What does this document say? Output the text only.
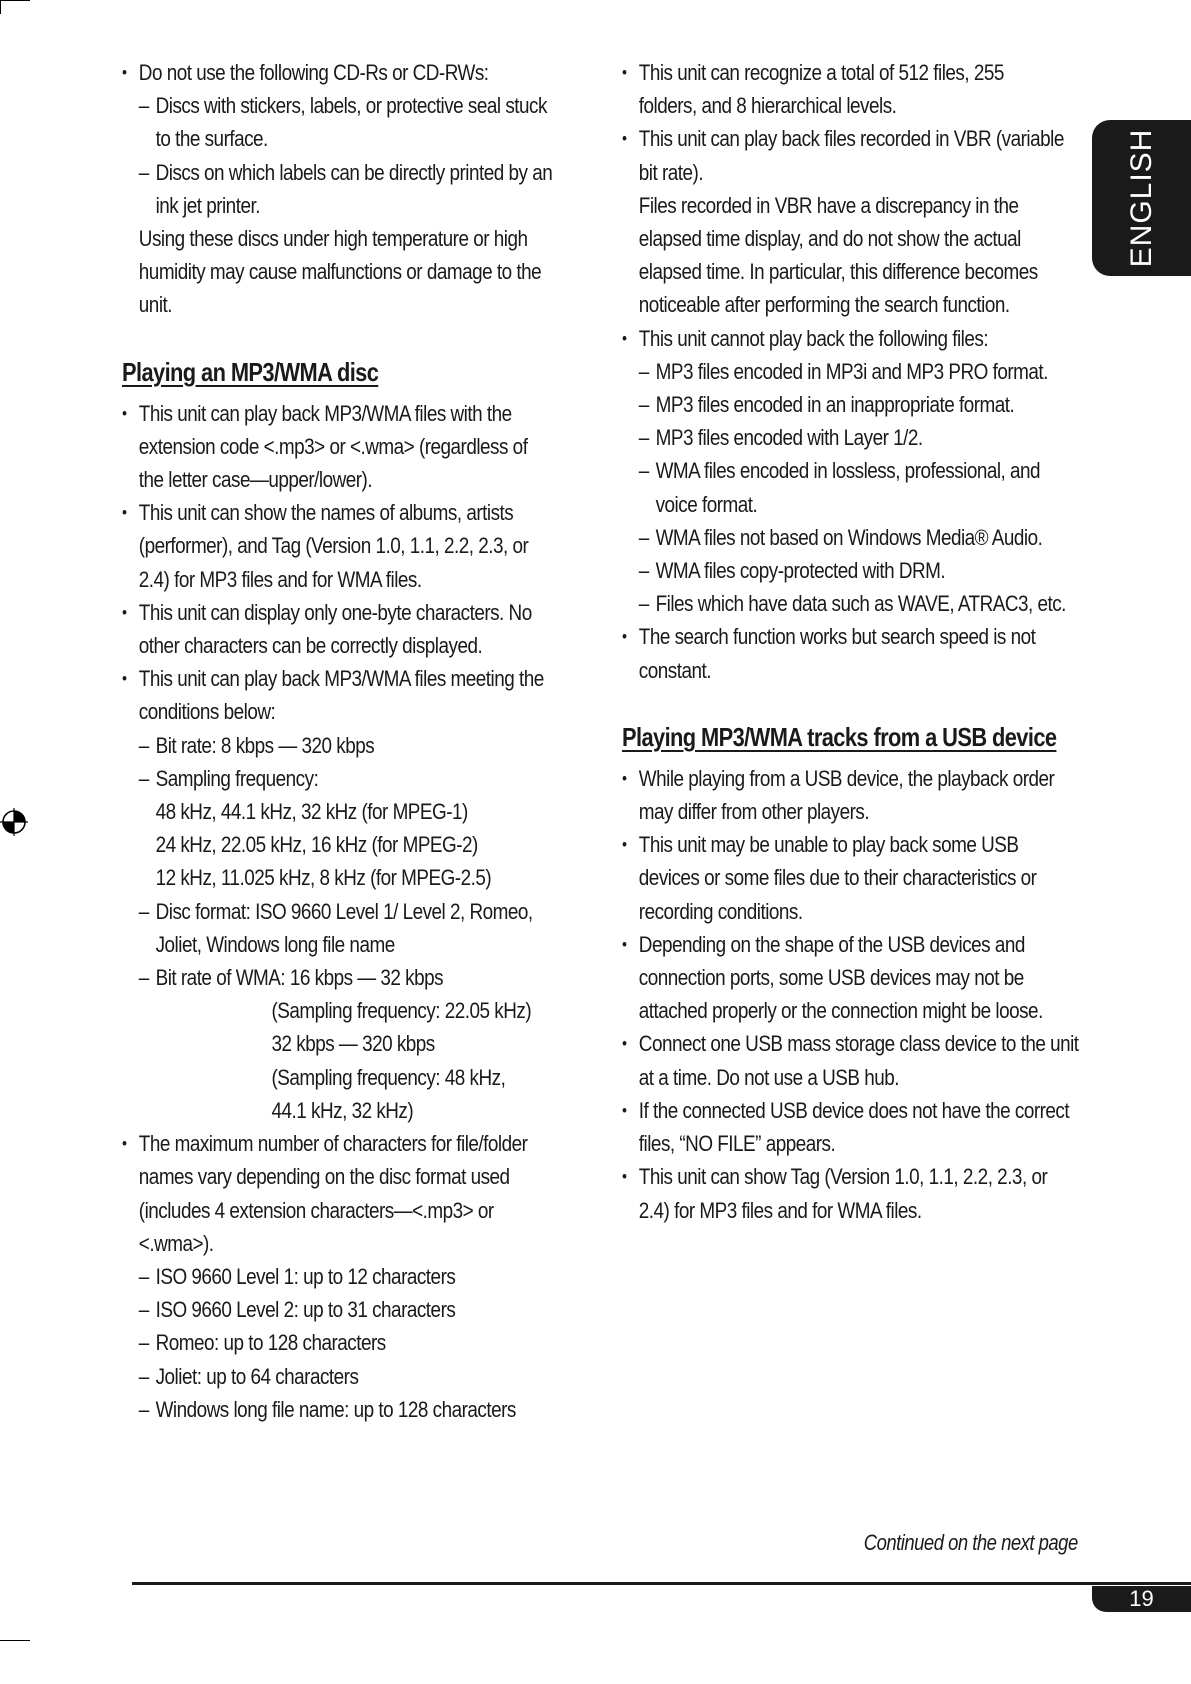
• Do not use the following CD-Rs or CD-RWs:
– Discs with stickers, labels, or protective seal stuck
to the surface.
– Discs on which labels can be directly printed by an
ink jet printer.
Using these discs under high temperature or high
humidity may cause malfunctions or damage to the
unit.
Playing an MP3/WMA disc
• This unit can play back MP3/WMA files with the
extension code <.mp3> or <.wma> (regardless of
the letter case—upper/lower).
• This unit can show the names of albums, artists
(performer), and Tag (Version 1.0, 1.1, 2.2, 2.3, or
2.4) for MP3 files and for WMA files.
• This unit can display only one-byte characters. No
other characters can be correctly displayed.
• This unit can play back MP3/WMA files meeting the
conditions below:
– Bit rate: 8 kbps — 320 kbps
– Sampling frequency:
48 kHz, 44.1 kHz, 32 kHz (for MPEG-1)
24 kHz, 22.05 kHz, 16 kHz (for MPEG-2)
12 kHz, 11.025 kHz, 8 kHz (for MPEG-2.5)
– Disc format: ISO 9660 Level 1/ Level 2, Romeo,
Joliet, Windows long file name
– Bit rate of WMA: 16 kbps — 32 kbps
(Sampling frequency: 22.05 kHz)
32 kbps — 320 kbps
(Sampling frequency: 48 kHz,
44.1 kHz, 32 kHz)
• The maximum number of characters for file/folder
names vary depending on the disc format used
(includes 4 extension characters—<.mp3> or
<.wma>).
– ISO 9660 Level 1: up to 12 characters
– ISO 9660 Level 2: up to 31 characters
– Romeo: up to 128 characters
– Joliet: up to 64 characters
– Windows long file name: up to 128 characters
• This unit can recognize a total of 512 files, 255
folders, and 8 hierarchical levels.
• This unit can play back files recorded in VBR (variable
bit rate).
Files recorded in VBR have a discrepancy in the
elapsed time display, and do not show the actual
elapsed time. In particular, this difference becomes
noticeable after performing the search function.
• This unit cannot play back the following files:
– MP3 files encoded in MP3i and MP3 PRO format.
– MP3 files encoded in an inappropriate format.
– MP3 files encoded with Layer 1/2.
– WMA files encoded in lossless, professional, and
voice format.
– WMA files not based on Windows Media® Audio.
– WMA files copy-protected with DRM.
– Files which have data such as WAVE, ATRAC3, etc.
• The search function works but search speed is not
constant.
Playing MP3/WMA tracks from a USB device
• While playing from a USB device, the playback order
may differ from other players.
• This unit may be unable to play back some USB
devices or some files due to their characteristics or
recording conditions.
• Depending on the shape of the USB devices and
connection ports, some USB devices may not be
attached properly or the connection might be loose.
• Connect one USB mass storage class device to the unit
at a time. Do not use a USB hub.
• If the connected USB device does not have the correct
files, “NO FILE” appears.
• This unit can show Tag (Version 1.0, 1.1, 2.2, 2.3, or
2.4) for MP3 files and for WMA files.
ENGLISH
Continued on the next page
19
